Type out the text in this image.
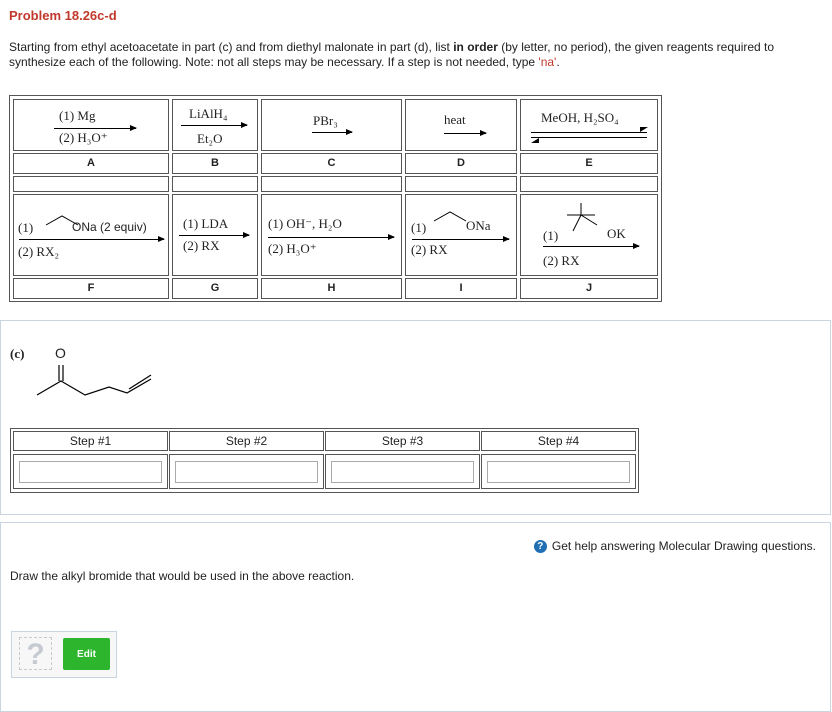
Problem 18.26c-d
Starting from ethyl acetoacetate in part (c) and from diethyl malonate in part (d), list in order (by letter, no period), the given reagents required to synthesize each of the following. Note: not all steps may be necessary. If a step is not needed, type 'na'.
(1) Mg
(2) H₃O⁺
LiAlH₄
Et₂O
PBr₃	heat	MeOH, H₂SO₄
A	B	C	D	E
(1)	ONa (2 equiv)
(2) RX₂
(1) LDA
(2) RX
(1) OH⁻, H₂O
(2) H₃O⁺
(1)	ONa
(2) RX
(1)	OK
(2) RX
F	G	H	I	J
(c) O
Step #1	Step #2	Step #3	Step #4
? Get help answering Molecular Drawing questions.
Draw the alkyl bromide that would be used in the above reaction.
?	Edit
